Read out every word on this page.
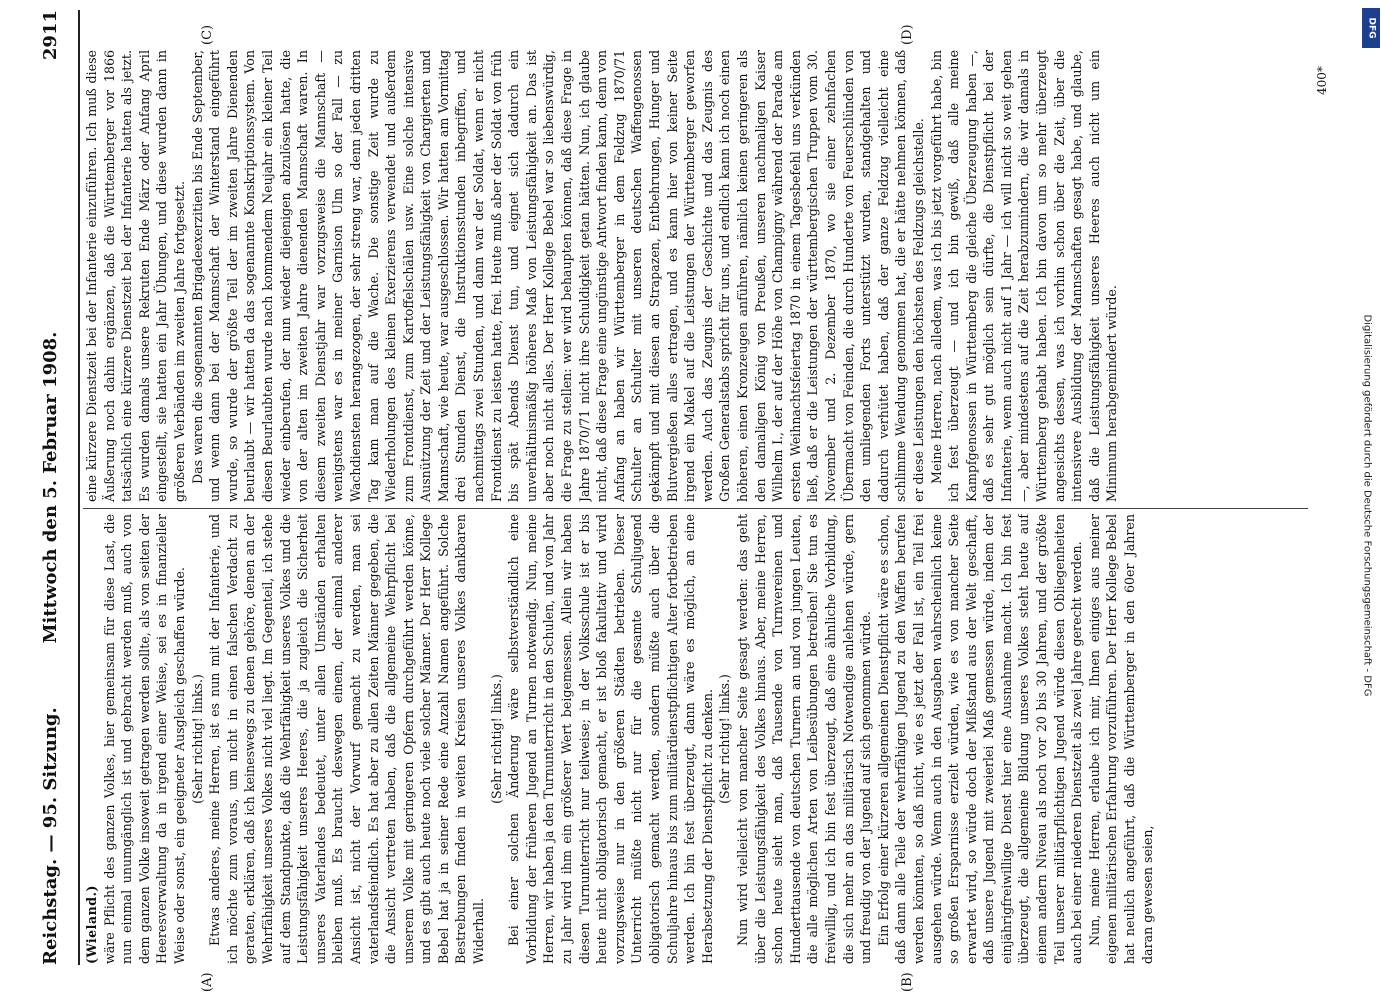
Reichstag. — 95. Sitzung.
Mittwoch den 5. Februar 1908.
2911
(A)	(B)
(C)	(D)

(Wieland.) wäre Pflicht des ganzen Volkes, hier gemeinsam für diese Last, die nun einmal unumgänglich ist und gebracht werden muß, auch von dem ganzen Volke insoweit getragen werden sollte, als von seiten der Heeresverwaltung da in irgend einer Weise, sei es in finanzieller Weise oder sonst, ein geeigneter Ausgleich geschaffen würde. (Sehr richtig! links.) Etwas anderes, meine Herren, ist es nun mit der Infanterie, und ich möchte zum voraus, um nicht in einen falschen Verdacht zu geraten, erklären, daß ich keineswegs zu denen gehöre, denen an der Wehrfähigkeit unseres Volkes nicht viel liegt. Im Gegenteil, ich stehe auf dem Standpunkte, daß die Wehrfähigkeit unseres Volkes und die Leistungsfähigkeit unseres Heeres, die ja zugleich die Sicherheit unseres Vaterlandes bedeutet, unter allen Umständen erhalten bleiben muß. Es braucht deswegen einem, der einmal anderer Ansicht ist, nicht der Vorwurf gemacht zu werden, man sei vaterlandsfeindlich. Es hat aber zu allen Zeiten Männer gegeben, die die Ansicht vertreten haben, daß die allgemeine Wehrpflicht bei unserem Volke mit geringeren Opfern durchgeführt werden könne, und es gibt auch heute noch viele solcher Männer. Der Herr Kollege Bebel hat ja in seiner Rede eine Anzahl Namen angeführt. Solche Bestrebungen finden in weiten Kreisen unseres Volkes dankbaren Widerhall.

(Sehr richtig! links.) Bei einer solchen Änderung wäre selbstverständlich eine Vorbildung der früheren Jugend an Turnen notwendig. Nun, meine Herren, wir haben ja den Turnunterricht in den Schulen, und von Jahr zu Jahr wird ihm ein größerer Wert beigemessen. Allein wir haben diesen Turnunterricht nur teilweise; in der Volksschule ist er bis heute nicht obligatorisch gemacht, er ist bloß fakultativ und wird vorzugsweise nur in den größeren Städten betrieben. Dieser Unterricht müßte nicht nur für die gesamte Schuljugend obligatorisch gemacht werden, sondern müßte auch über die Schuljahre hinaus bis zum militärdienstpflichtigen Alter fortbetrieben werden. Ich bin fest überzeugt, dann wäre es möglich, an eine Herabsetzung der Dienstpflicht zu denken. (Sehr richtig! links.) Nun wird vielleicht von mancher Seite gesagt werden: das geht über die Leistungsfähigkeit des Volkes hinaus. Aber, meine Herren, schon heute sieht man, daß Tausende von Turnvereinen und Hunderttausende von deutschen Turnern an und von jungen Leuten, die alle möglichen Arten von Leibesübungen betreiben! Sie tun es freiwillig, und ich bin fest überzeugt, daß eine ähnliche Vorbildung, die sich mehr an das militärisch Notwendige anlehnen würde, gern und freudig von der Jugend auf sich genommen würde. Ein Erfolg einer kürzeren allgemeinen Dienstpflicht wäre es schon, daß dann alle Teile der wehrfähigen Jugend zu den Waffen berufen werden könnten, so daß nicht, wie es jetzt der Fall ist, ein Teil frei ausgehen würde. Wenn auch in den Ausgaben wahrscheinlich keine so großen Ersparnisse erzielt würden, wie es von mancher Seite erwartet wird, so würde doch der Mißstand aus der Welt geschafft, daß unsere Jugend mit zweierlei Maß gemessen würde, indem der einjährigfreiwillige Dienst hier eine Ausnahme macht. Ich bin fest überzeugt, die allgemeine Bildung unseres Volkes steht heute auf einem andern Niveau als noch vor 20 bis 30 Jahren, und der größte Teil unserer militärpflichtigen Jugend würde diesen Obliegenheiten auch bei einer niederen Dienstzeit als zwei Jahre gerecht werden. Nun, meine Herren, erlaube ich mir, Ihnen einiges aus meiner eigenen militärischen Erfahrung vorzuführen. Der Herr Kollege Bebel hat neulich angeführt, daß die Württemberger in den 60er Jahren daran gewesen seien,

eine kürzere Dienstzeit bei der Infanterie einzuführen. Ich muß diese Äußerung noch dahin ergänzen, daß die Württemberger vor 1866 tatsächlich eine kürzere Dienstzeit bei der Infanterie hatten als jetzt. Es wurden damals unsere Rekruten Ende März oder Anfang April eingestellt, sie hatten ein Jahr Übungen, und diese wurden dann in größeren Verbänden im zweiten Jahre fortgesetzt. Das waren die sogenannten Brigadeexerzitien bis Ende September, und wenn dann bei der Mannschaft der Winterstand eingeführt wurde, so wurde der größte Teil der im zweiten Jahre Dienenden beurlaubt — wir hatten da das sogenannte Konskriptionssystem. Von diesen Beurlaubten wurde nach kommendem Neujahr ein kleiner Teil wieder einberufen, der nun wieder diejenigen abzulösen hatte, die von der alten im zweiten Jahre dienenden Mannschaft waren. In diesem zweiten Dienstjahr war vorzugsweise die Mannschaft — wenigstens war es in meiner Garnison Ulm so der Fall — zu Wachdiensten herangezogen, der sehr streng war, denn jeden dritten Tag kam man auf die Wache. Die sonstige Zeit wurde zu Wiederholungen des kleinen Exerzierens verwendet und außerdem zum Frontdienst, zum Kartoffelschälen usw. Eine solche intensive Ausnützung der Zeit und der Leistungsfähigkeit von Chargierten und Mannschaft, wie heute, war ausgeschlossen. Wir hatten am Vormittag drei Stunden Dienst, die Instruktionsstunden inbegriffen, und nachmittags zwei Stunden, und dann war der Soldat, wenn er nicht Frontdienst zu leisten hatte, frei. Heute muß aber der Soldat von früh bis spät Abends Dienst tun, und eignet sich dadurch ein unverhältnismäßig höheres Maß von Leistungsfähigkeit an. Das ist aber noch nicht alles. Der Herr Kollege Bebel war so liebenswürdig, die Frage zu stellen: wer wird behaupten können, daß diese Frage in Jahre 1870/71 nicht ihre Schuldigkeit getan hätten. Nun, ich glaube nicht, daß diese Frage eine ungünstige Antwort finden kann, denn von Anfang an haben wir Württemberger in dem Feldzug 1870/71 Schulter an Schulter mit unseren deutschen Waffengenossen gekämpft und mit diesen an Strapazen, Entbehrungen, Hunger und Blutvergießen alles ertragen, und es kann hier von keiner Seite irgend ein Makel auf die Leistungen der Württemberger geworfen werden. Auch das Zeugnis der Geschichte und das Zeugnis des Großen Generalstabs spricht für uns, und endlich kann ich noch einen höheren, einen Kronzeugen anführen, nämlich keinen geringeren als den damaligen König von Preußen, unseren nachmaligen Kaiser Wilhelm I., der auf der Höhe von Champigny während der Parade am ersten Weihnachtsfeiertag 1870 in einem Tagesbefehl uns verkünden ließ, daß er die Leistungen der württembergischen Truppen vom 30. November und 2. Dezember 1870, wo sie einer zehnfachen Übermacht von Feinden, die durch Hunderte von Feuerschlünden von den umliegenden Forts unterstützt wurden, standgehalten und dadurch verhütet haben, daß der ganze Feldzug vielleicht eine schlimme Wendung genommen hat, die er hätte nehmen können, daß er diese Leistungen den höchsten des Feldzugs gleichstelle. Meine Herren, nach alledem, was ich bis jetzt vorgeführt habe, bin ich fest überzeugt — und ich bin gewiß, daß alle meine Kampfgenossen in Württemberg die gleiche Überzeugung haben —, daß es sehr gut möglich sein dürfte, die Dienstpflicht bei der Infanterie, wenn auch nicht auf 1 Jahr — ich will nicht so weit gehen —, aber mindestens auf die Zeit herabzumindern, die wir damals in Württemberg gehabt haben. Ich bin davon um so mehr überzeugt angesichts dessen, was ich vorhin schon über die Zeit, über die intensivere Ausbildung der Mannschaften gesagt habe, und glaube, daß die Leistungsfähigkeit unseres Heeres auch nicht um ein Minimum herabgemindert würde.

400*
DFG
Digitalisierung gefördert durch die Deutsche Forschungsgemeinschaft - DFG
